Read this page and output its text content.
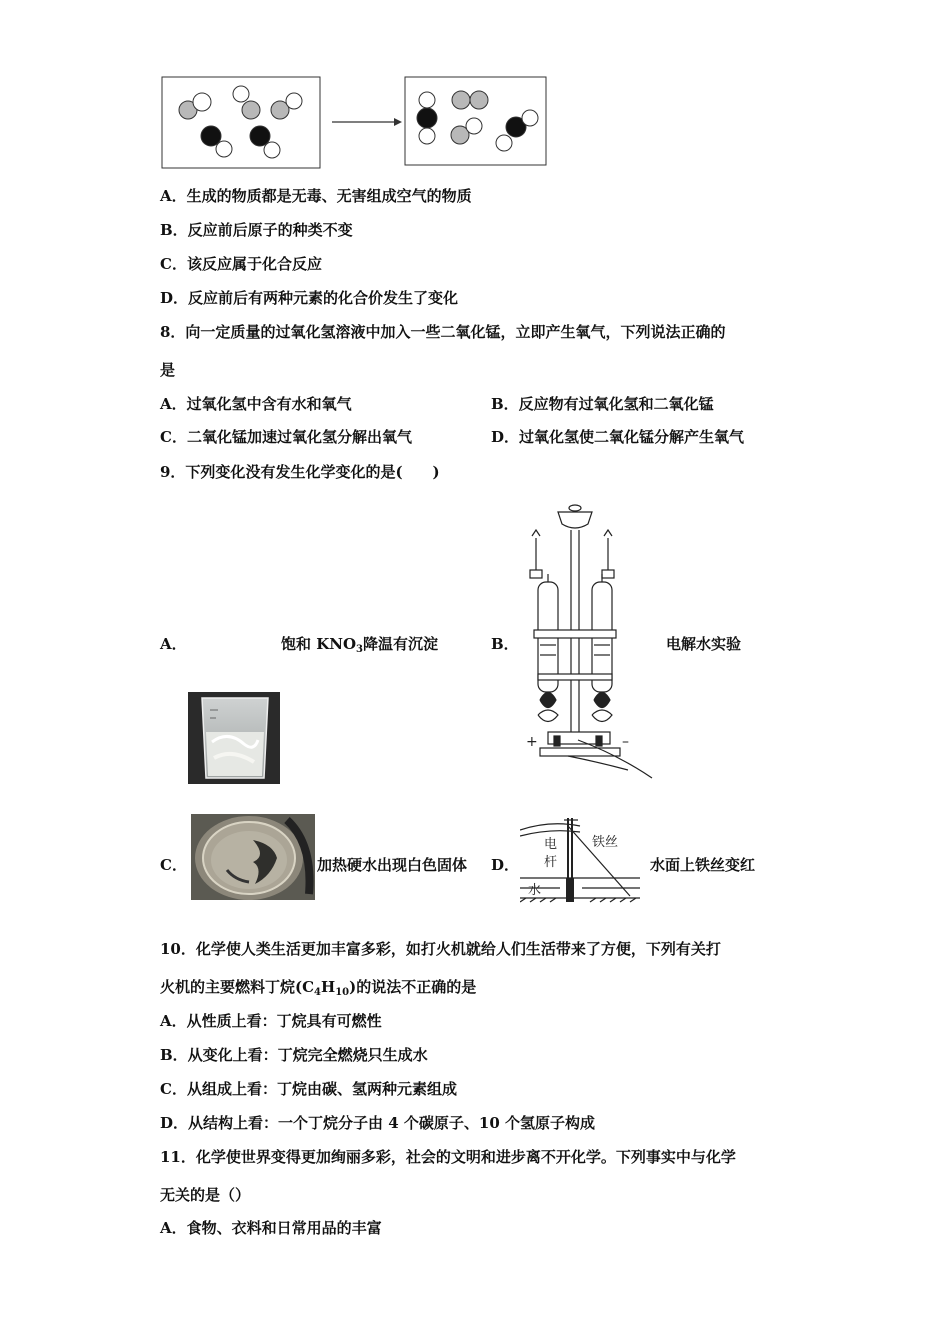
A．生成的物质都是无毒、无害组成空气的物质
B．反应前后原子的种类不变
C．该反应属于化合反应
D．反应前后有两种元素的化合价发生了变化
8．向一定质量的过氧化氢溶液中加入一些二氧化锰，立即产生氧气，下列说法正确的
是
A．过氧化氢中含有水和氧气	B．反应物有过氧化氢和二氧化锰
C．二氧化锰加速过氧化氢分解出氧气	D．过氧化氢使二氧化锰分解产生氧气
9．下列变化没有发生化学变化的是(　　)
+	–
A．	饱和 $KNO_3$降温有沉淀	B．	电解水实验
C．	加热硬水出现白色固体 D．	水面上铁丝变红
电
杆
铁丝
水
10．化学使人类生活更加丰富多彩，如打火机就给人们生活带来了方便，下列有关打
火机的主要燃料丁烷$(C_4H_{10})$的说法不正确的是
A．从性质上看：丁烷具有可燃性
B．从变化上看：丁烷完全燃烧只生成水
C．从组成上看：丁烷由碳、氢两种元素组成
D．从结构上看：一个丁烷分子由 4 个碳原子、10 个氢原子构成
11．化学使世界变得更加绚丽多彩，社会的文明和进步离不开化学。下列事实中与化学
无关的是（）
A．食物、衣料和日常用品的丰富
